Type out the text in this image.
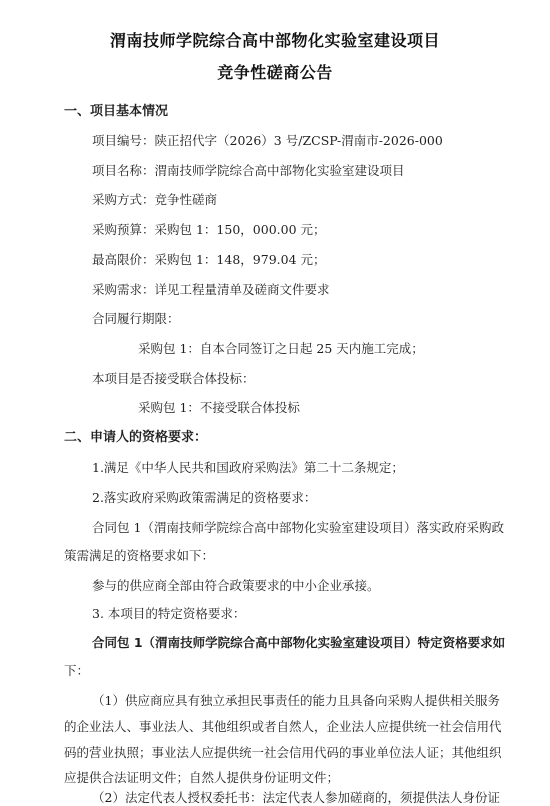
渭南技师学院综合高中部物化实验室建设项目
竞争性磋商公告
一、项目基本情况
项目编号：陕正招代字（2026）3 号/ZCSP-渭南市-2026-000
项目名称：渭南技师学院综合高中部物化实验室建设项目
采购方式：竞争性磋商
采购预算：采购包 1：150，000.00 元；
最高限价：采购包 1：148，979.04 元；
采购需求：详见工程量清单及磋商文件要求
合同履行期限：
采购包 1：自本合同签订之日起 25 天内施工完成；
本项目是否接受联合体投标：
采购包 1：不接受联合体投标
二、申请人的资格要求：
1.满足《中华人民共和国政府采购法》第二十二条规定；
2.落实政府采购政策需满足的资格要求：
合同包 1（渭南技师学院综合高中部物化实验室建设项目）落实政府采购政
策需满足的资格要求如下：
参与的供应商全部由符合政策要求的中小企业承接。
3. 本项目的特定资格要求：
合同包 1（渭南技师学院综合高中部物化实验室建设项目）特定资格要求如
下：
（1）供应商应具有独立承担民事责任的能力且具备向采购人提供相关服务
的企业法人、事业法人、其他组织或者自然人，企业法人应提供统一社会信用代
码的营业执照；事业法人应提供统一社会信用代码的事业单位法人证；其他组织
应提供合法证明文件；自然人提供身份证明文件；
（2）法定代表人授权委托书：法定代表人参加磋商的，须提供法人身份证
